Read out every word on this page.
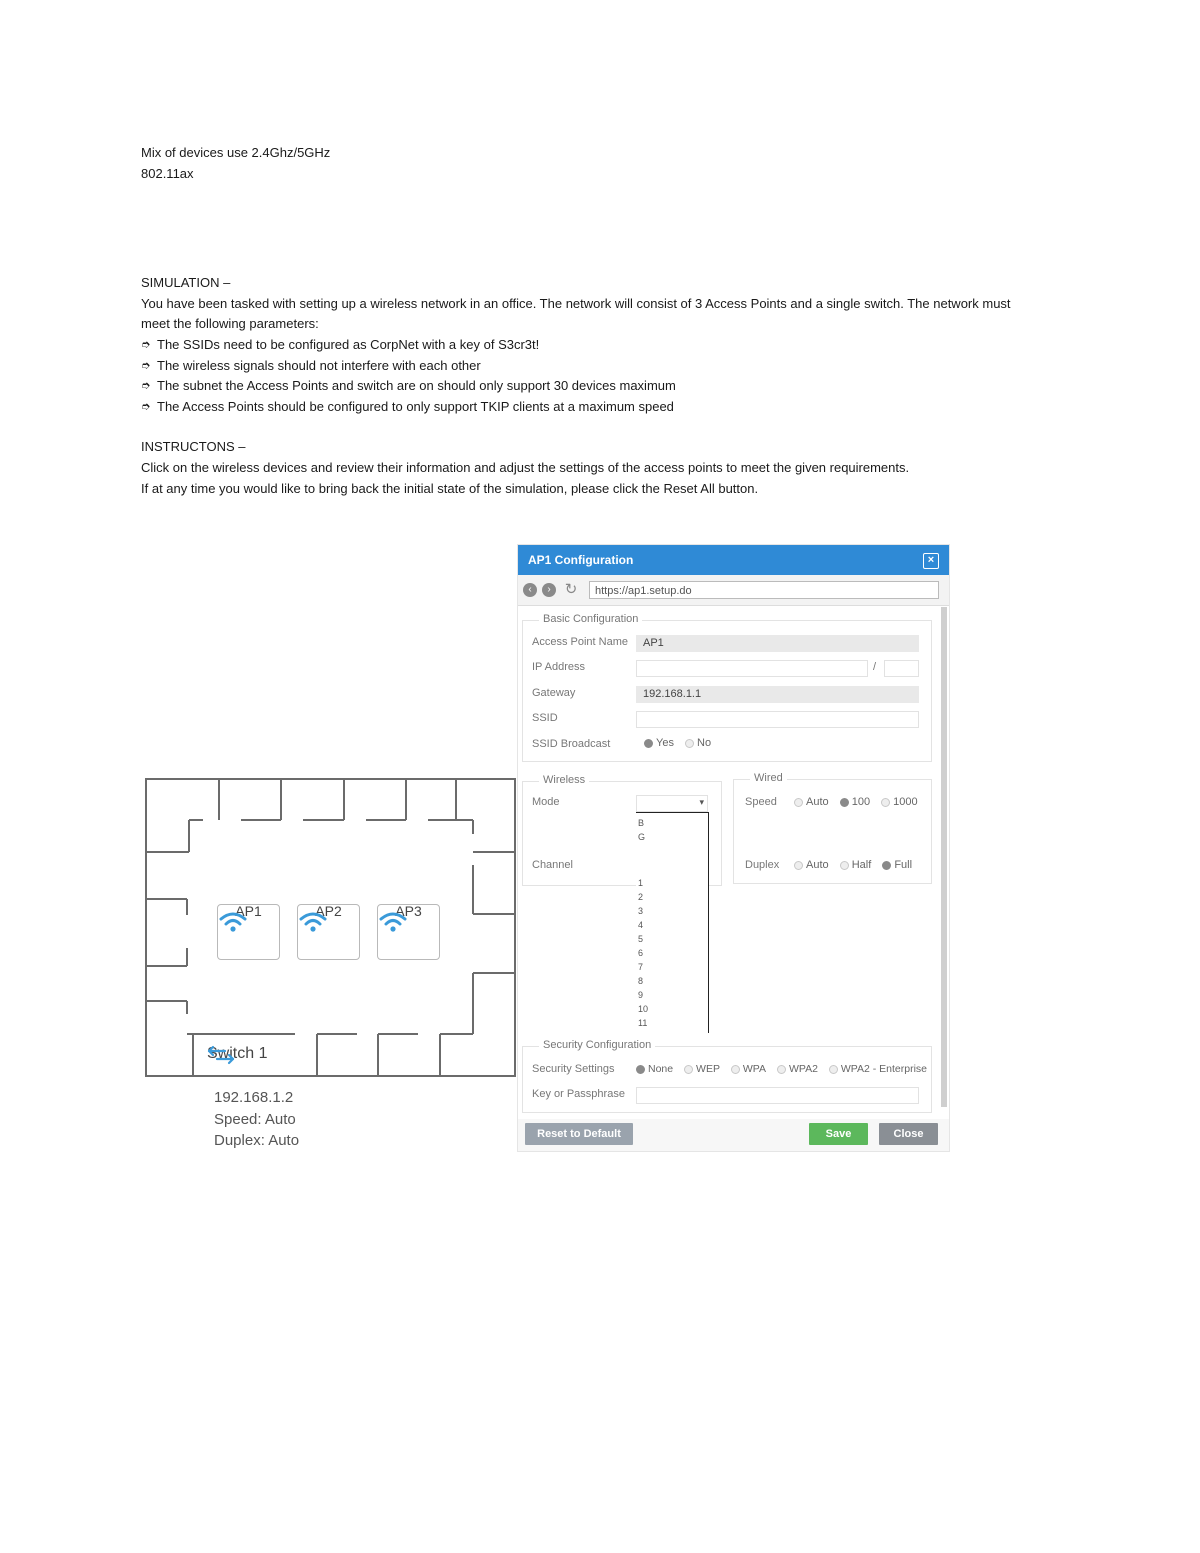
Mix of devices use 2.4Ghz/5GHz

802.11ax

SIMULATION –

You have been tasked with setting up a wireless network in an office. The network will consist of 3 Access Points and a single switch. The network must meet the following parameters:

➮ The SSIDs need to be configured as CorpNet with a key of S3cr3t!
➮ The wireless signals should not interfere with each other
➮ The subnet the Access Points and switch are on should only support 30 devices maximum
➮ The Access Points should be configured to only support TKIP clients at a maximum speed

INSTRUCTONS –

Click on the wireless devices and review their information and adjust the settings of the access points to meet the given requirements.

If at any time you would like to bring back the initial state of the simulation, please click the Reset All button.

AP1	AP2	AP3
Switch 1
192.168.1.2
Speed: Auto
Duplex: Auto
AP1 Configuration	×
‹	› ↻	https://ap1.setup.do
Basic Configuration
Access Point Name	AP1
IP Address	/
Gateway	192.168.1.1
SSID
SSID Broadcast	Yes No
Wireless
Mode
▾
Channel
▾
B
G
1
2
3
4
5
6
7
8
9
10
11
Wired
Speed	Auto 100 1000
Duplex	Auto Half Full
Security Configuration
Security Settings	None WEP WPA WPA2 WPA2 - Enterprise
Key or Passphrase
Reset to Default	Save	Close
